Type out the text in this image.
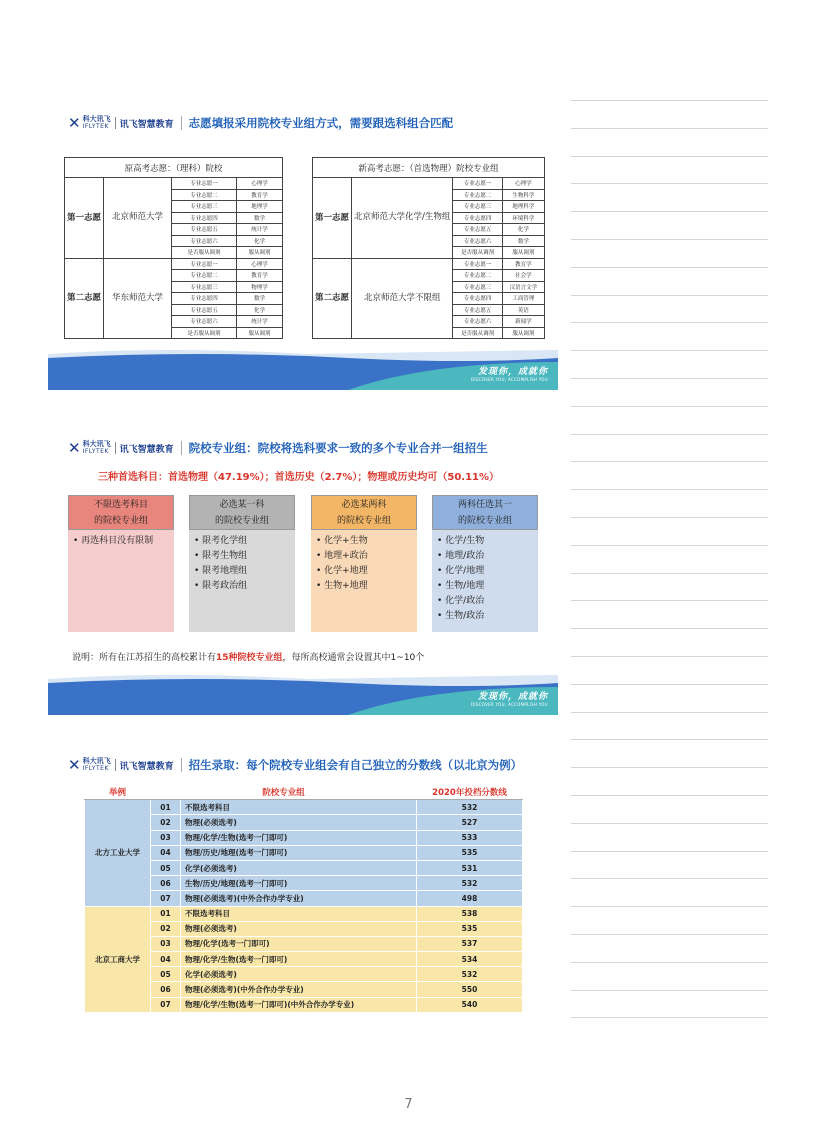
✕ 科大讯飞
IFLYTEK 讯飞智慧教育 志愿填报采用院校专业组方式，需要跟选科组合匹配
原高考志愿：（理科）院校			
第一志愿	北京师范大学	专业志愿一	心理学
		专业志愿二	教育学
		专业志愿三	地理学
		专业志愿四	数学
		专业志愿五	统计学
		专业志愿六	化学
		是否服从调剂	服从调剂
第二志愿	华东师范大学	专业志愿一	心理学
		专业志愿二	教育学
		专业志愿三	物理学
		专业志愿四	数学
		专业志愿五	化学
		专业志愿六	统计学
		是否服从调剂	服从调剂
新高考志愿：（首选物理）院校专业组			
第一志愿	北京师范大学化学/生物组	专业志愿一	心理学
		专业志愿二	生物科学
		专业志愿三	地理科学
		专业志愿四	环境科学
		专业志愿五	化学
		专业志愿六	数学
		是否服从调剂	服从调剂
第二志愿	北京师范大学不限组	专业志愿一	教育学
		专业志愿二	社会学
		专业志愿三	汉语言文学
		专业志愿四	工商管理
		专业志愿五	英语
		专业志愿六	新闻学
		是否服从调剂	服从调剂
发现你，成就你
DISCOVER YOU, ACCOMPLISH YOU
✕ 科大讯飞
IFLYTEK 讯飞智慧教育 院校专业组：院校将选科要求一致的多个专业合并一组招生
三种首选科目：首选物理（47.19%）；首选历史（2.7%）；物理或历史均可（50.11%）
不限选考科目
的院校专业组
• 再选科目没有限制
必选某一科
的院校专业组
• 限考化学组
• 限考生物组
• 限考地理组
• 限考政治组
必选某两科
的院校专业组
• 化学+生物
• 地理+政治
• 化学+地理
• 生物+地理
两科任选其一
的院校专业组
• 化学/生物
• 地理/政治
• 化学/地理
• 生物/地理
• 化学/政治
• 生物/政治
说明：所有在江苏招生的高校累计有15种院校专业组，每所高校通常会设置其中1~10个
发现你，成就你
DISCOVER YOU, ACCOMPLISH YOU
✕ 科大讯飞
IFLYTEK 讯飞智慧教育 招生录取：每个院校专业组会有自己独立的分数线（以北京为例）
举例	院校专业组		2020年投档分数线
北方工业大学	01	不限选考科目	532
	02	物理(必须选考)	527
	03	物理/化学/生物(选考一门即可)	533
	04	物理/历史/地理(选考一门即可)	535
	05	化学(必须选考)	531
	06	生物/历史/地理(选考一门即可)	532
	07	物理(必须选考)(中外合作办学专业)	498
北京工商大学	01	不限选考科目	538
	02	物理(必须选考)	535
	03	物理/化学(选考一门即可)	537
	04	物理/化学/生物(选考一门即可)	534
	05	化学(必须选考)	532
	06	物理(必须选考)(中外合作办学专业)	550
	07	物理/化学/生物(选考一门即可)(中外合作办学专业)	540
7
